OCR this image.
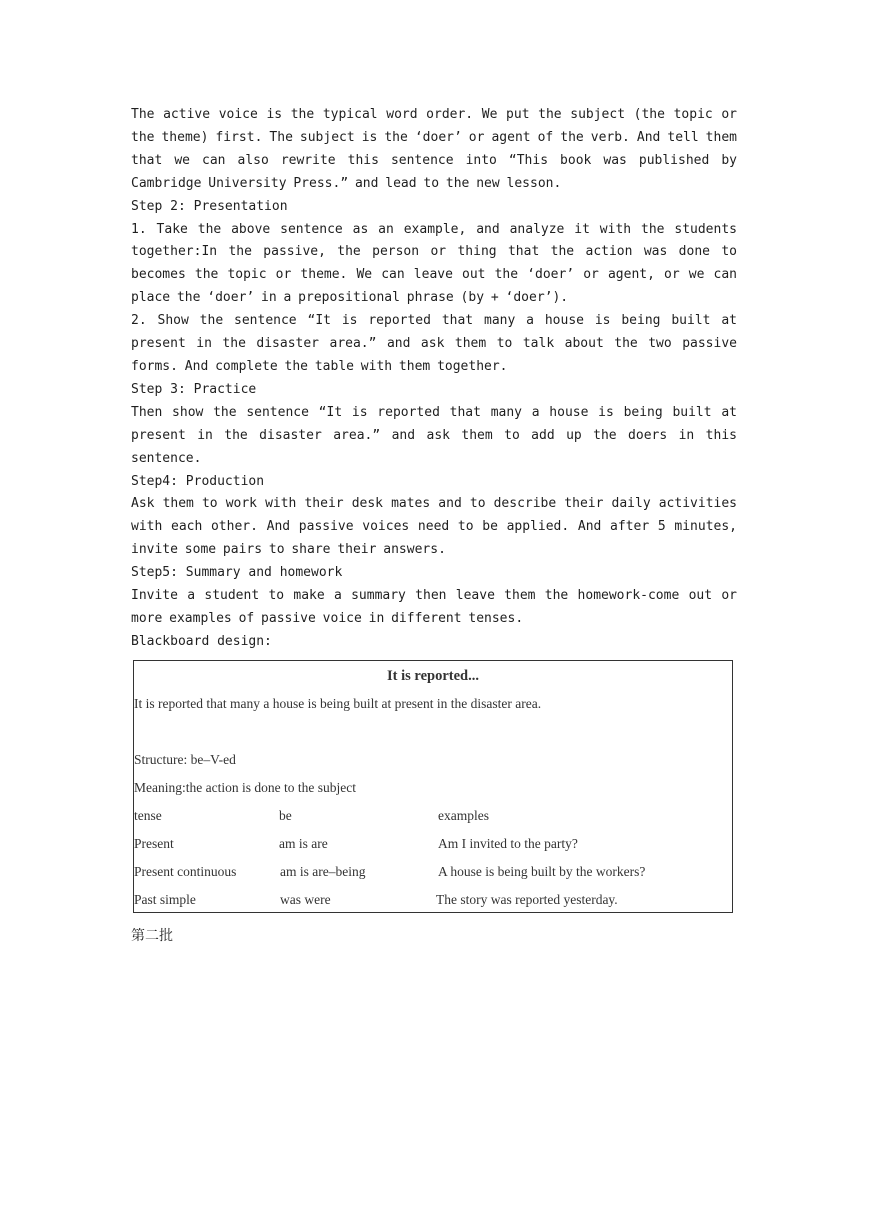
The active voice is the typical word order. We put the subject (the topic or the theme) first. The subject is the ‘doer’ or agent of the verb. And tell them that we can also rewrite this sentence into “This book was published by Cambridge University Press.” and lead to the new lesson.

Step 2: Presentation

1. Take the above sentence as an example, and analyze it with the students together:In the passive, the person or thing that the action was done to becomes the topic or theme. We can leave out the ‘doer’ or agent, or we can place the ‘doer’ in a prepositional phrase (by + ‘doer’).

2. Show the sentence “It is reported that many a house is being built at present in the disaster area.” and ask them to talk about the two passive forms. And complete the table with them together.

Step 3: Practice

Then show the sentence “It is reported that many a house is being built at present in the disaster area.” and ask them to add up the doers in this sentence.

Step4: Production

Ask them to work with their desk mates and to describe their daily activities with each other. And passive voices need to be applied. And after 5 minutes, invite some pairs to share their answers.

Step5: Summary and homework

Invite a student to make a summary then leave them the homework-come out or more examples of passive voice in different tenses.

Blackboard design:

It is reported...
It is reported that many a house is being built at present in the disaster area.
Structure: be–V-ed
Meaning:the action is done to the subject
tense	be	examples
Present	am is are	Am I invited to the party?
Present continuous	am is are–being	A house is being built by the workers?
Past simple	was were	The story was reported yesterday.
第二批
